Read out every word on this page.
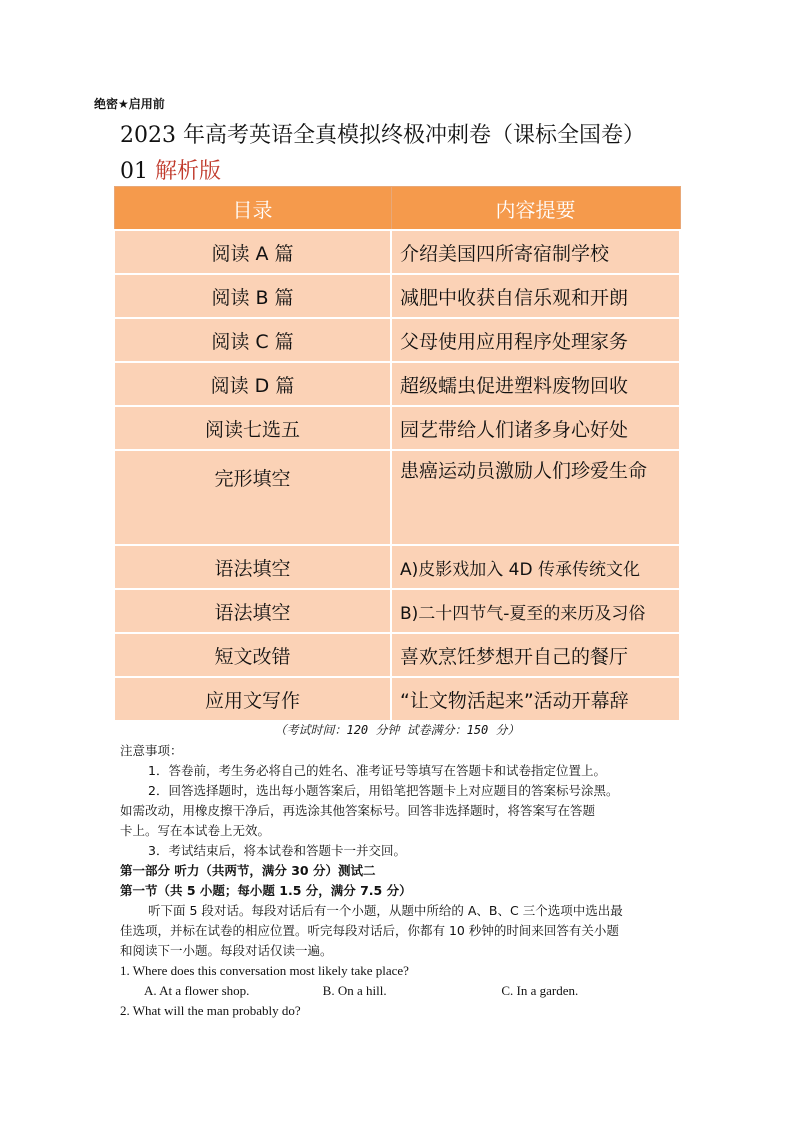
绝密★启用前
2023 年高考英语全真模拟终极冲刺卷（课标全国卷）
01 解析版
目录	内容提要
阅读 A 篇	介绍美国四所寄宿制学校
阅读 B 篇	减肥中收获自信乐观和开朗
阅读 C 篇	父母使用应用程序处理家务
阅读 D 篇	超级蠕虫促进塑料废物回收
阅读七选五	园艺带给人们诸多身心好处
完形填空	患癌运动员激励人们珍爱生命
语法填空	A)皮影戏加入 4D 传承传统文化
语法填空	B)二十四节气-夏至的来历及习俗
短文改错	喜欢烹饪梦想开自己的餐厅
应用文写作	“让文物活起来”活动开幕辞
（考试时间：120 分钟 试卷满分：150 分）
注意事项：
1．答卷前，考生务必将自己的姓名、准考证号等填写在答题卡和试卷指定位置上。
2．回答选择题时，选出每小题答案后，用铅笔把答题卡上对应题目的答案标号涂黑。
如需改动，用橡皮擦干净后，再选涂其他答案标号。回答非选择题时，将答案写在答题
卡上。写在本试卷上无效。
3．考试结束后，将本试卷和答题卡一并交回。
第一部分 听力（共两节，满分 30 分）测试二
第一节（共 5 小题；每小题 1.5 分，满分 7.5 分）
听下面 5 段对话。每段对话后有一个小题，从题中所给的 A、B、C 三个选项中选出最
佳选项，并标在试卷的相应位置。听完每段对话后，你都有 10 秒钟的时间来回答有关小题
和阅读下一小题。每段对话仅读一遍。
1. Where does this conversation most likely take place?
A. At a flower shop.	B. On a hill.	C. In a garden.
2. What will the man probably do?
